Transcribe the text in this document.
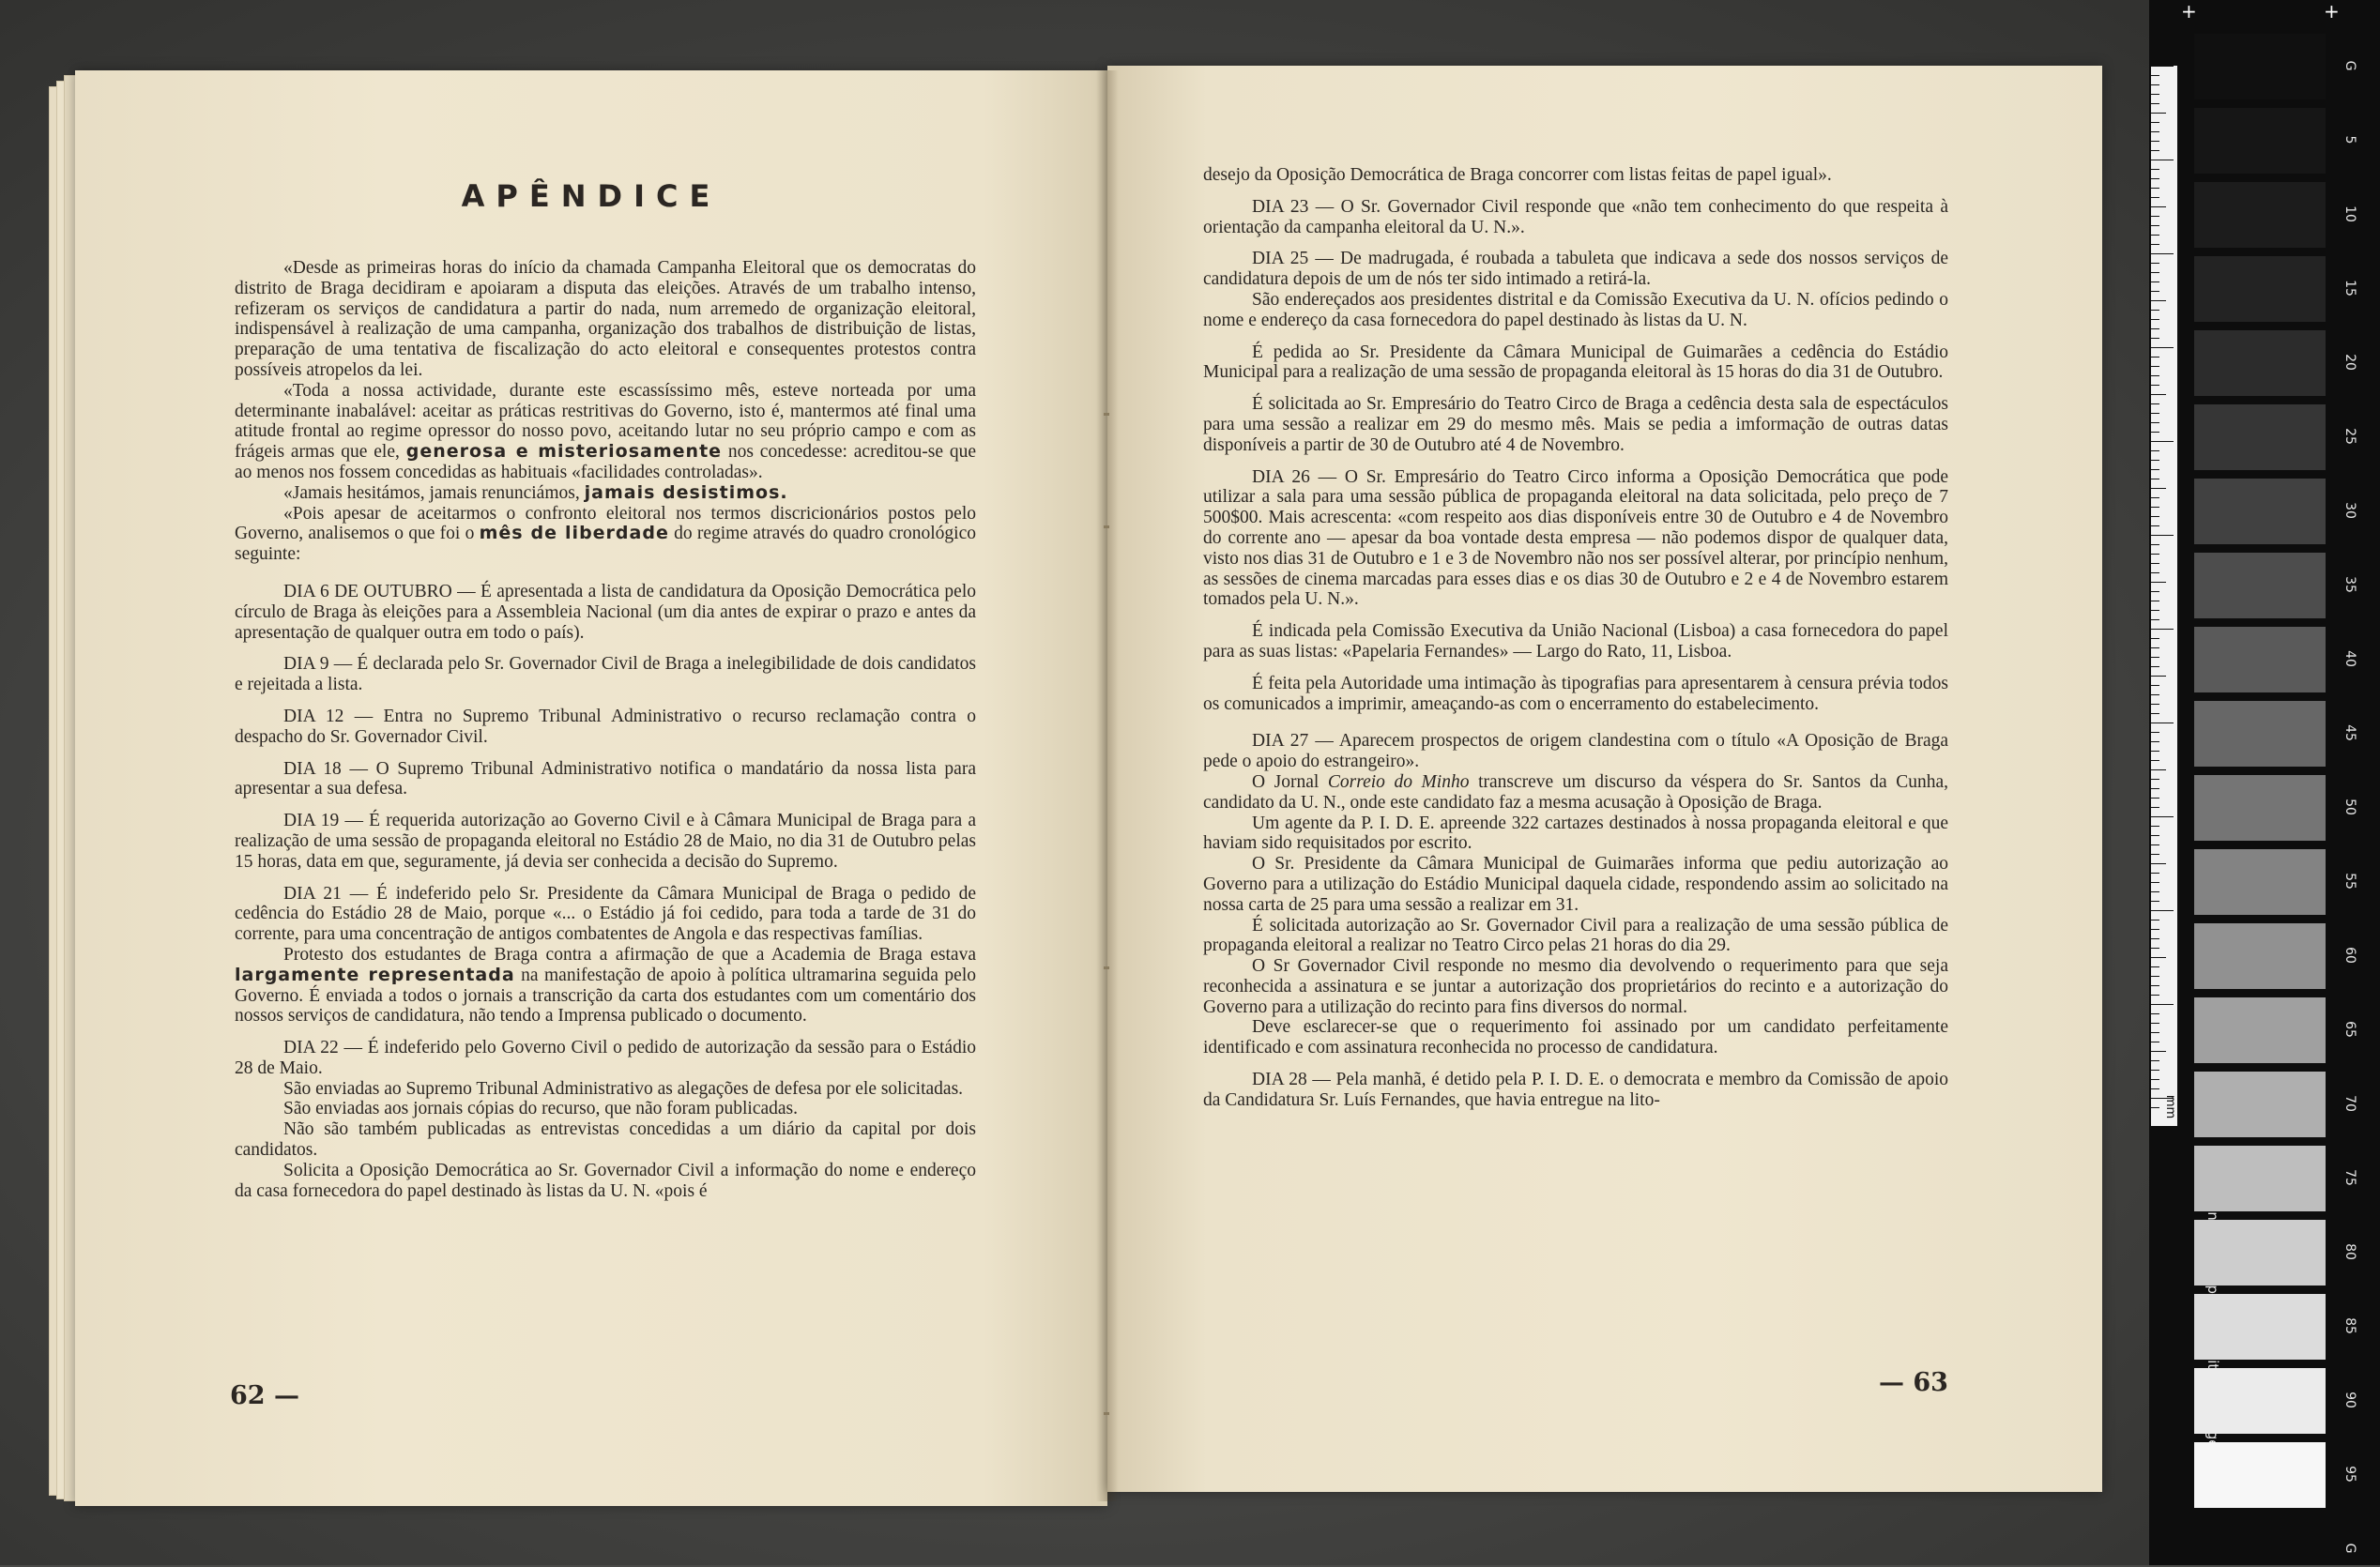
APÊNDICE

«Desde as primeiras horas do início da chamada Campanha Eleitoral que os democratas do distrito de Braga decidiram e apoiaram a disputa das eleições. Através de um trabalho intenso, refizeram os serviços de candidatura a partir do nada, num arremedo de organização eleitoral, indispensável à realização de uma campanha, organização dos trabalhos de distribuição de listas, preparação de uma tentativa de fiscalização do acto eleitoral e consequentes protestos contra possíveis atropelos da lei.

«Toda a nossa actividade, durante este escassíssimo mês, esteve norteada por uma determinante inabalável: aceitar as práticas restritivas do Governo, isto é, mantermos até final uma atitude frontal ao regime opressor do nosso povo, aceitando lutar no seu próprio campo e com as frágeis armas que ele, generosa e misteriosamente nos concedesse: acreditou-se que ao menos nos fossem concedidas as habituais «facilidades controladas».

«Jamais hesitámos, jamais renunciámos, jamais desistimos.

«Pois apesar de aceitarmos o confronto eleitoral nos termos discricionários postos pelo Governo, analisemos o que foi o mês de liberdade do regime através do quadro cronológico seguinte:

DIA 6 DE OUTUBRO — É apresentada a lista de candidatura da Oposição Democrática pelo círculo de Braga às eleições para a Assembleia Nacional (um dia antes de expirar o prazo e antes da apresentação de qualquer outra em todo o país).

DIA 9 — É declarada pelo Sr. Governador Civil de Braga a inelegibilidade de dois candidatos e rejeitada a lista.

DIA 12 — Entra no Supremo Tribunal Administrativo o recurso reclamação contra o despacho do Sr. Governador Civil.

DIA 18 — O Supremo Tribunal Administrativo notifica o mandatário da nossa lista para apresentar a sua defesa.

DIA 19 — É requerida autorização ao Governo Civil e à Câmara Municipal de Braga para a realização de uma sessão de propaganda eleitoral no Estádio 28 de Maio, no dia 31 de Outubro pelas 15 horas, data em que, seguramente, já devia ser conhecida a decisão do Supremo.

DIA 21 — É indeferido pelo Sr. Presidente da Câmara Municipal de Braga o pedido de cedência do Estádio 28 de Maio, porque «... o Estádio já foi cedido, para toda a tarde de 31 do corrente, para uma concentração de antigos combatentes de Angola e das respectivas famílias.

Protesto dos estudantes de Braga contra a afirmação de que a Academia de Braga estava largamente representada na manifestação de apoio à política ultramarina seguida pelo Governo. É enviada a todos o jornais a transcrição da carta dos estudantes com um comentário dos nossos serviços de candidatura, não tendo a Imprensa publicado o documento.

DIA 22 — É indeferido pelo Governo Civil o pedido de autorização da sessão para o Estádio 28 de Maio.

São enviadas ao Supremo Tribunal Administrativo as alegações de defesa por ele solicitadas.

São enviadas aos jornais cópias do recurso, que não foram publicadas.

Não são também publicadas as entrevistas concedidas a um diário da capital por dois candidatos.

Solicita a Oposição Democrática ao Sr. Governador Civil a informação do nome e endereço da casa fornecedora do papel destinado às listas da U. N. «pois é

62 —

desejo da Oposição Democrática de Braga concorrer com listas feitas de papel igual».

DIA 23 — O Sr. Governador Civil responde que «não tem conhecimento do que respeita à orientação da campanha eleitoral da U. N.».

DIA 25 — De madrugada, é roubada a tabuleta que indicava a sede dos nossos serviços de candidatura depois de um de nós ter sido intimado a retirá-la.

São endereçados aos presidentes distrital e da Comissão Executiva da U. N. ofícios pedindo o nome e endereço da casa fornecedora do papel destinado às listas da U. N.

É pedida ao Sr. Presidente da Câmara Municipal de Guimarães a cedência do Estádio Municipal para a realização de uma sessão de propaganda eleitoral às 15 horas do dia 31 de Outubro.

É solicitada ao Sr. Empresário do Teatro Circo de Braga a cedência desta sala de espectáculos para uma sessão a realizar em 29 do mesmo mês. Mais se pedia a imformação de outras datas disponíveis a partir de 30 de Outubro até 4 de Novembro.

DIA 26 — O Sr. Empresário do Teatro Circo informa a Oposição Democrática que pode utilizar a sala para uma sessão pública de propaganda eleitoral na data solicitada, pelo preço de 7 500$00. Mais acrescenta: «com respeito aos dias disponíveis entre 30 de Outubro e 4 de Novembro do corrente ano — apesar da boa vontade desta empresa — não podemos dispor de qualquer data, visto nos dias 31 de Outubro e 1 e 3 de Novembro não nos ser possível alterar, por princípio nenhum, as sessões de cinema marcadas para esses dias e os dias 30 de Outubro e 2 e 4 de Novembro estarem tomados pela U. N.».

É indicada pela Comissão Executiva da União Nacional (Lisboa) a casa fornecedora do papel para as suas listas: «Papelaria Fernandes» — Largo do Rato, 11, Lisboa.

É feita pela Autoridade uma intimação às tipografias para apresentarem à censura prévia todos os comunicados a imprimir, ameaçando-as com o encerramento do estabelecimento.

DIA 27 — Aparecem prospectos de origem clandestina com o título «A Oposição de Braga pede o apoio do estrangeiro».

O Jornal Correio do Minho transcreve um discurso da véspera do Sr. Santos da Cunha, candidato da U. N., onde este candidato faz a mesma acusação à Oposição de Braga.

Um agente da P. I. D. E. apreende 322 cartazes destinados à nossa propaganda eleitoral e que haviam sido requisitados por escrito.

O Sr. Presidente da Câmara Municipal de Guimarães informa que pediu autorização ao Governo para a utilização do Estádio Municipal daquela cidade, respondendo assim ao solicitado na nossa carta de 25 para uma sessão a realizar em 31.

É solicitada autorização ao Sr. Governador Civil para a realização de uma sessão pública de propaganda eleitoral a realizar no Teatro Circo pelas 21 horas do dia 29.

O Sr Governador Civil responde no mesmo dia devolvendo o requerimento para que seja reconhecida a assinatura e se juntar a autorização dos proprietários do recinto e a autorização do Governo para a utilização do recinto para fins diversos do normal.

Deve esclarecer-se que o requerimento foi assinado por um candidato perfeitamente identificado e com assinatura reconhecida no processo de candidatura.

DIA 28 — Pela manhã, é detido pela P. I. D. E. o democrata e membro da Comissão de apoio da Candidatura Sr. Luís Fernandes, que havia entregue na lito-

— 63
+	+
mm
G
5
10
15
20
25
30
35
40
45
50
55
60
65
70
75
80
85
90
95
G
